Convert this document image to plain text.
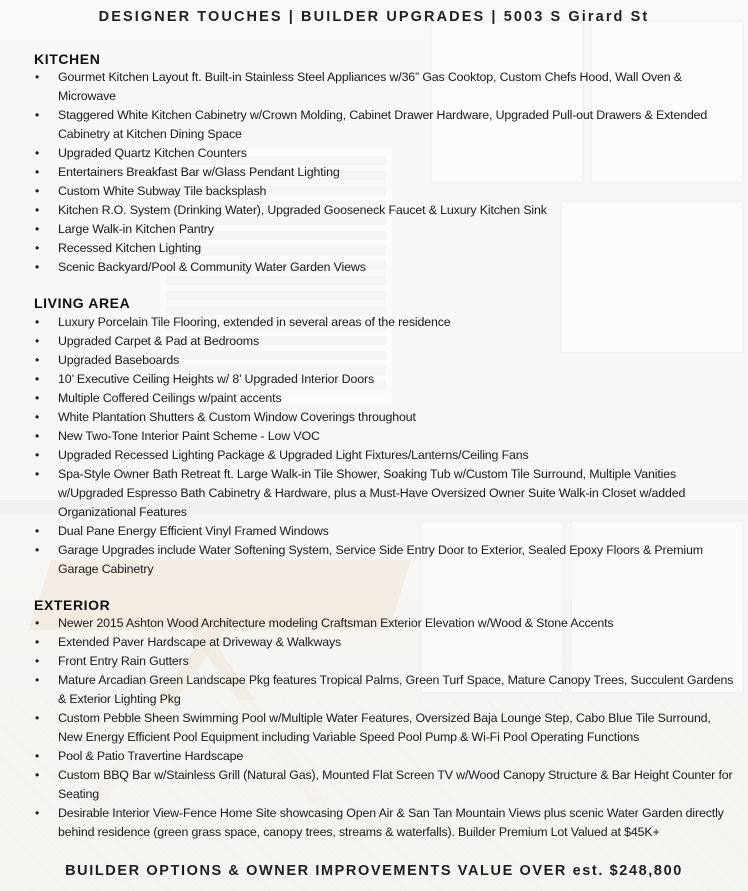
DESIGNER TOUCHES | BUILDER UPGRADES | 5003 S Girard St
KITCHEN
• Gourmet Kitchen Layout ft. Built-in Stainless Steel Appliances w/36” Gas Cooktop, Custom Chefs Hood, Wall Oven & Microwave
• Staggered White Kitchen Cabinetry w/Crown Molding, Cabinet Drawer Hardware, Upgraded Pull-out Drawers & Extended Cabinetry at Kitchen Dining Space
• Upgraded Quartz Kitchen Counters
• Entertainers Breakfast Bar w/Glass Pendant Lighting
• Custom White Subway Tile backsplash
• Kitchen R.O. System (Drinking Water), Upgraded Gooseneck Faucet & Luxury Kitchen Sink
• Large Walk-in Kitchen Pantry
• Recessed Kitchen Lighting
• Scenic Backyard/Pool & Community Water Garden Views
LIVING AREA
• Luxury Porcelain Tile Flooring, extended in several areas of the residence
• Upgraded Carpet & Pad at Bedrooms
• Upgraded Baseboards
• 10’ Executive Ceiling Heights w/ 8’ Upgraded Interior Doors
• Multiple Coffered Ceilings w/paint accents
• White Plantation Shutters & Custom Window Coverings throughout
• New Two-Tone Interior Paint Scheme - Low VOC
• Upgraded Recessed Lighting Package & Upgraded Light Fixtures/Lanterns/Ceiling Fans
• Spa-Style Owner Bath Retreat ft. Large Walk-in Tile Shower, Soaking Tub w/Custom Tile Surround, Multiple Vanities w/Upgraded Espresso Bath Cabinetry & Hardware, plus a Must-Have Oversized Owner Suite Walk-in Closet w/added Organizational Features
• Dual Pane Energy Efficient Vinyl Framed Windows
• Garage Upgrades include Water Softening System, Service Side Entry Door to Exterior, Sealed Epoxy Floors & Premium Garage Cabinetry
EXTERIOR
• Newer 2015 Ashton Wood Architecture modeling Craftsman Exterior Elevation w/Wood & Stone Accents
• Extended Paver Hardscape at Driveway & Walkways
• Front Entry Rain Gutters
• Mature Arcadian Green Landscape Pkg features Tropical Palms, Green Turf Space, Mature Canopy Trees, Succulent Gardens & Exterior Lighting Pkg
• Custom Pebble Sheen Swimming Pool w/Multiple Water Features, Oversized Baja Lounge Step, Cabo Blue Tile Surround, New Energy Efficient Pool Equipment including Variable Speed Pool Pump & Wi-Fi Pool Operating Functions
• Pool & Patio Travertine Hardscape
• Custom BBQ Bar w/Stainless Grill (Natural Gas), Mounted Flat Screen TV w/Wood Canopy Structure & Bar Height Counter for Seating
• Desirable Interior View-Fence Home Site showcasing Open Air & San Tan Mountain Views plus scenic Water Garden directly behind residence (green grass space, canopy trees, streams & waterfalls). Builder Premium Lot Valued at $45K+
BUILDER OPTIONS & OWNER IMPROVEMENTS VALUE OVER est. $248,800
